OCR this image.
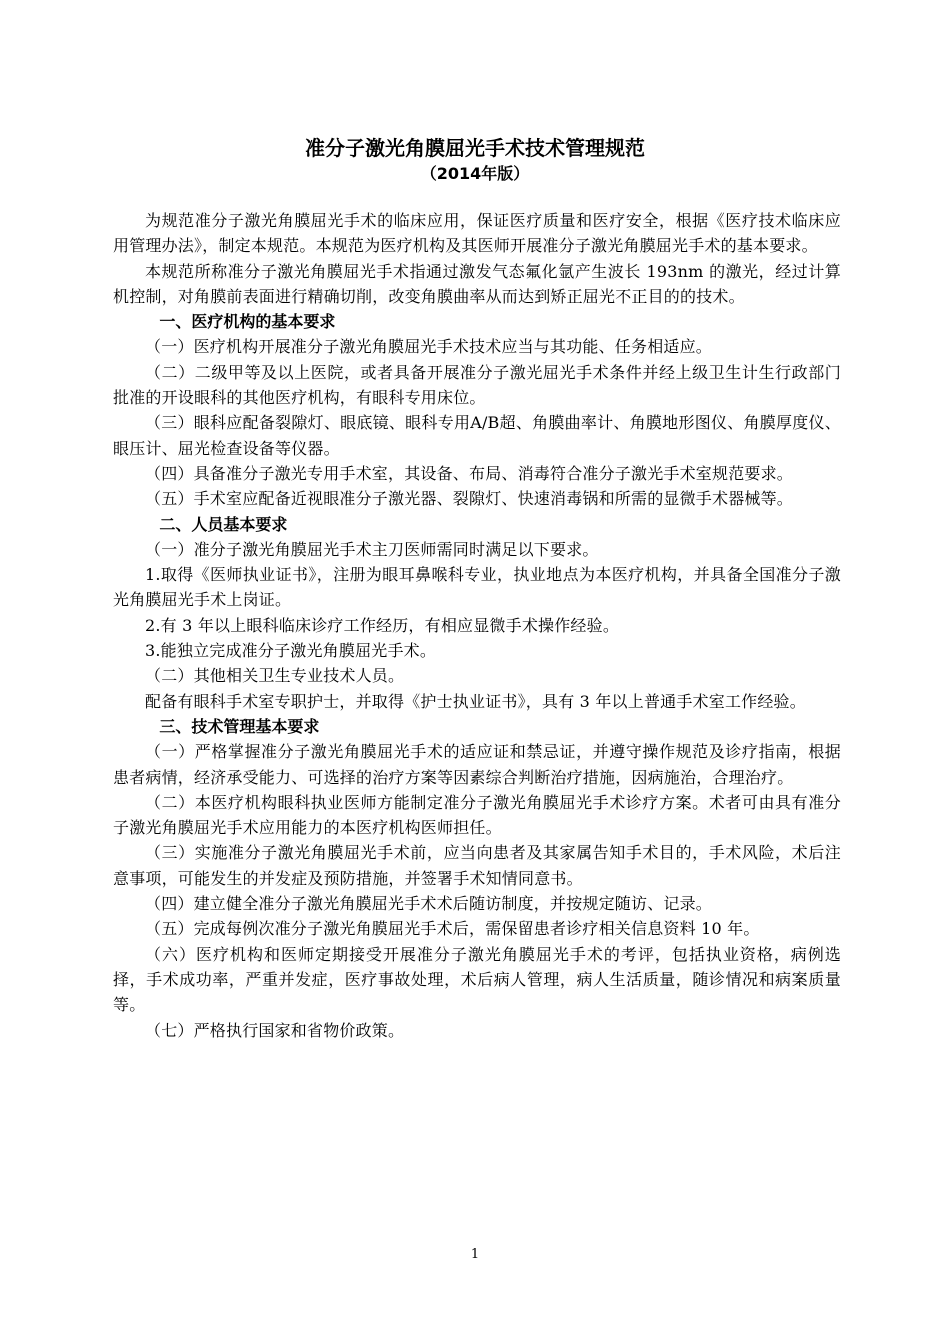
准分子激光角膜屈光手术技术管理规范
（2014年版）

为规范准分子激光角膜屈光手术的临床应用，保证医疗质量和医疗安全，根据《医疗技术临床应用管理办法》，制定本规范。本规范为医疗机构及其医师开展准分子激光角膜屈光手术的基本要求。

本规范所称准分子激光角膜屈光手术指通过激发气态氟化氩产生波长 193nm 的激光，经过计算机控制，对角膜前表面进行精确切削，改变角膜曲率从而达到矫正屈光不正目的的技术。

一、医疗机构的基本要求

（一）医疗机构开展准分子激光角膜屈光手术技术应当与其功能、任务相适应。

（二）二级甲等及以上医院，或者具备开展准分子激光屈光手术条件并经上级卫生计生行政部门批准的开设眼科的其他医疗机构，有眼科专用床位。

（三）眼科应配备裂隙灯、眼底镜、眼科专用A/B超、角膜曲率计、角膜地形图仪、角膜厚度仪、眼压计、屈光检查设备等仪器。

（四）具备准分子激光专用手术室，其设备、布局、消毒符合准分子激光手术室规范要求。

（五）手术室应配备近视眼准分子激光器、裂隙灯、快速消毒锅和所需的显微手术器械等。

二、人员基本要求

（一）准分子激光角膜屈光手术主刀医师需同时满足以下要求。

1.取得《医师执业证书》，注册为眼耳鼻喉科专业，执业地点为本医疗机构，并具备全国准分子激光角膜屈光手术上岗证。

2.有 3 年以上眼科临床诊疗工作经历，有相应显微手术操作经验。

3.能独立完成准分子激光角膜屈光手术。

（二）其他相关卫生专业技术人员。

配备有眼科手术室专职护士，并取得《护士执业证书》，具有 3 年以上普通手术室工作经验。

三、技术管理基本要求

（一）严格掌握准分子激光角膜屈光手术的适应证和禁忌证，并遵守操作规范及诊疗指南，根据患者病情，经济承受能力、可选择的治疗方案等因素综合判断治疗措施，因病施治，合理治疗。

（二）本医疗机构眼科执业医师方能制定准分子激光角膜屈光手术诊疗方案。术者可由具有准分子激光角膜屈光手术应用能力的本医疗机构医师担任。

（三）实施准分子激光角膜屈光手术前，应当向患者及其家属告知手术目的，手术风险，术后注意事项，可能发生的并发症及预防措施，并签署手术知情同意书。

（四）建立健全准分子激光角膜屈光手术术后随访制度，并按规定随访、记录。

（五）完成每例次准分子激光角膜屈光手术后，需保留患者诊疗相关信息资料 10 年。

（六）医疗机构和医师定期接受开展准分子激光角膜屈光手术的考评，包括执业资格，病例选择，手术成功率，严重并发症，医疗事故处理，术后病人管理，病人生活质量，随诊情况和病案质量等。

（七）严格执行国家和省物价政策。

1
